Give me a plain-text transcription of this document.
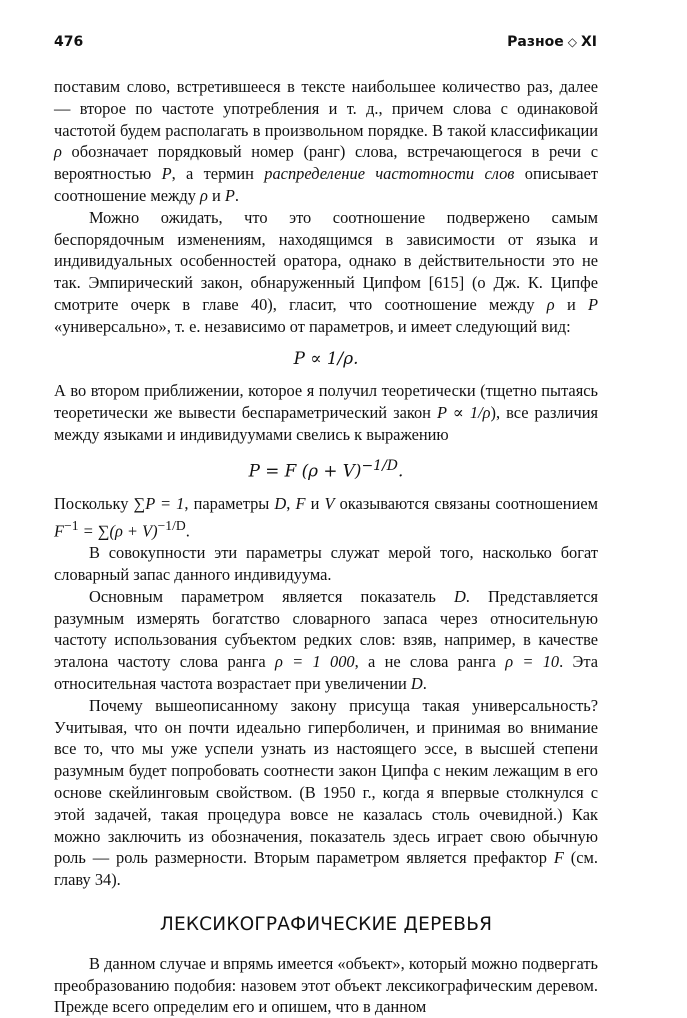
476	Разное ◇ XI

поставим слово, встретившееся в тексте наибольшее количество раз, далее — второе по частоте употребления и т. д., причем слова с одинаковой частотой будем располагать в произвольном порядке. В такой классификации ρ обозначает порядковый номер (ранг) слова, встречающегося в речи с вероятностью P, а термин распределение частотности слов описывает соотношение между ρ и P.

Можно ожидать, что это соотношение подвержено самым беспорядочным изменениям, находящимся в зависимости от языка и индивидуальных особенностей оратора, однако в действительности это не так. Эмпирический закон, обнаруженный Ципфом [615] (о Дж. К. Ципфе смотрите очерк в главе 40), гласит, что соотношение между ρ и P «универсально», т. е. независимо от параметров, и имеет следующий вид:

P ∝ 1/ρ.

А во втором приближении, которое я получил теоретически (тщетно пытаясь теоретически же вывести беспараметрический закон P ∝ 1/ρ), все различия между языками и индивидуумами свелись к выражению

P = F $(\rho + V)^{-1/D}$.

Поскольку ∑P = 1, параметры D, F и V оказываются связаны соотношением $F^{-1} = \sum(\rho + V)^{-1/D}$.

В совокупности эти параметры служат мерой того, насколько богат словарный запас данного индивидуума.

Основным параметром является показатель D. Представляется разумным измерять богатство словарного запаса через относительную частоту использования субъектом редких слов: взяв, например, в качестве эталона частоту слова ранга ρ = 1 000, а не слова ранга ρ = 10. Эта относительная частота возрастает при увеличении D.

Почему вышеописанному закону присуща такая универсальность? Учитывая, что он почти идеально гиперболичен, и принимая во внимание все то, что мы уже успели узнать из настоящего эссе, в высшей степени разумным будет попробовать соотнести закон Ципфа с неким лежащим в его основе скейлинговым свойством. (В 1950 г., когда я впервые столкнулся с этой задачей, такая процедура вовсе не казалась столь очевидной.) Как можно заключить из обозначения, показатель здесь играет свою обычную роль — роль размерности. Вторым параметром является префактор F (см. главу 34).

ЛЕКСИКОГРАФИЧЕСКИЕ ДЕРЕВЬЯ

В данном случае и впрямь имеется «объект», который можно подвергать преобразованию подобия: назовем этот объект лексикографическим деревом. Прежде всего определим его и опишем, что в данном
